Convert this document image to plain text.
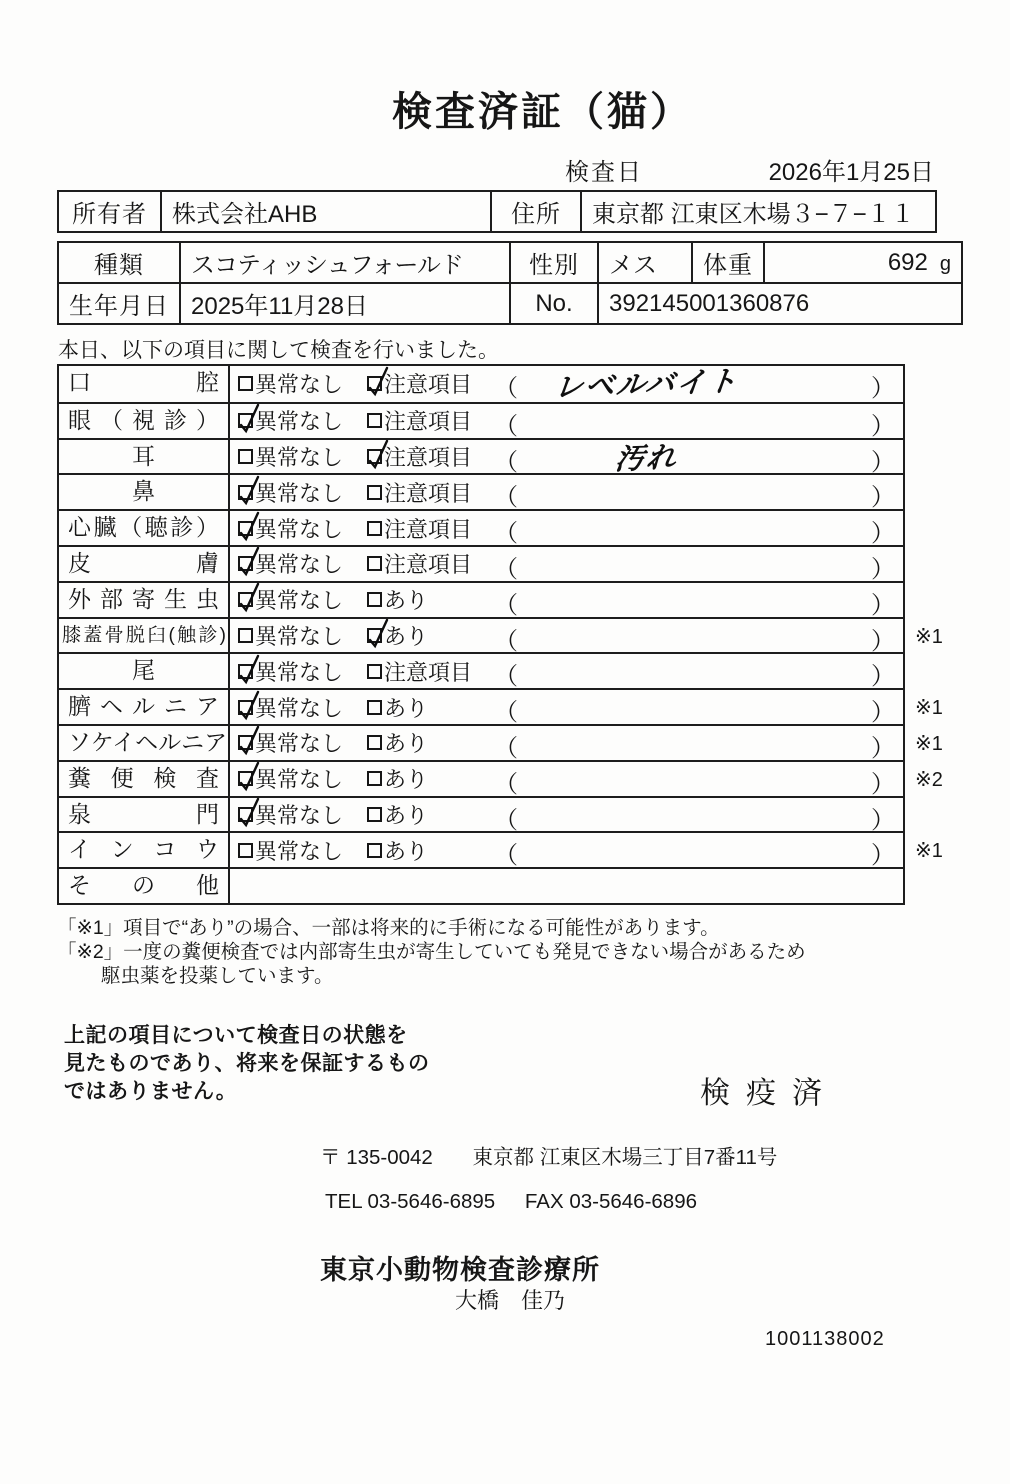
検査済証（猫）
検査日	2026年1月25日
所有者	株式会社AHB	住所	東京都 江東区木場３−７−１１
種類	スコティッシュフォールド	性別	メス	体重	692 g
生年月日	2025年11月28日	No.	392145001360876		
本日、以下の項目に関して検査を行いました。
口腔	異常なし 注意項目 （	レベルバイト	）
眼（視診）	異常なし 注意項目 （	）
耳	異常なし 注意項目 （	汚れ	）
鼻	異常なし 注意項目 （	）
心臓（聴診）	異常なし 注意項目 （	）
皮膚	異常なし 注意項目 （	）
外部寄生虫	異常なし あり	（	）
膝蓋骨脱臼(触診) 異常なし あり	（	） ※1
尾	異常なし 注意項目 （	）
臍ヘルニア	異常なし あり	（	） ※1
ソケイヘルニア 異常なし あり	（	） ※1
糞便検査	異常なし あり	（	） ※2
泉門	異常なし あり	（	）
インコウ	異常なし あり	（	） ※1
その他
「※1」項目で“あり”の場合、一部は将来的に手術になる可能性があります。
「※2」一度の糞便検査では内部寄生虫が寄生していても発見できない場合があるため
駆虫薬を投薬しています。
上記の項目について検査日の状態を
見たものであり、将来を保証するもの
ではありません。	検疫済
〒 135-0042 東京都 江東区木場三丁目7番11号
TEL 03-5646-6895 FAX 03-5646-6896
東京小動物検査診療所
大橋　佳乃
1001138002
